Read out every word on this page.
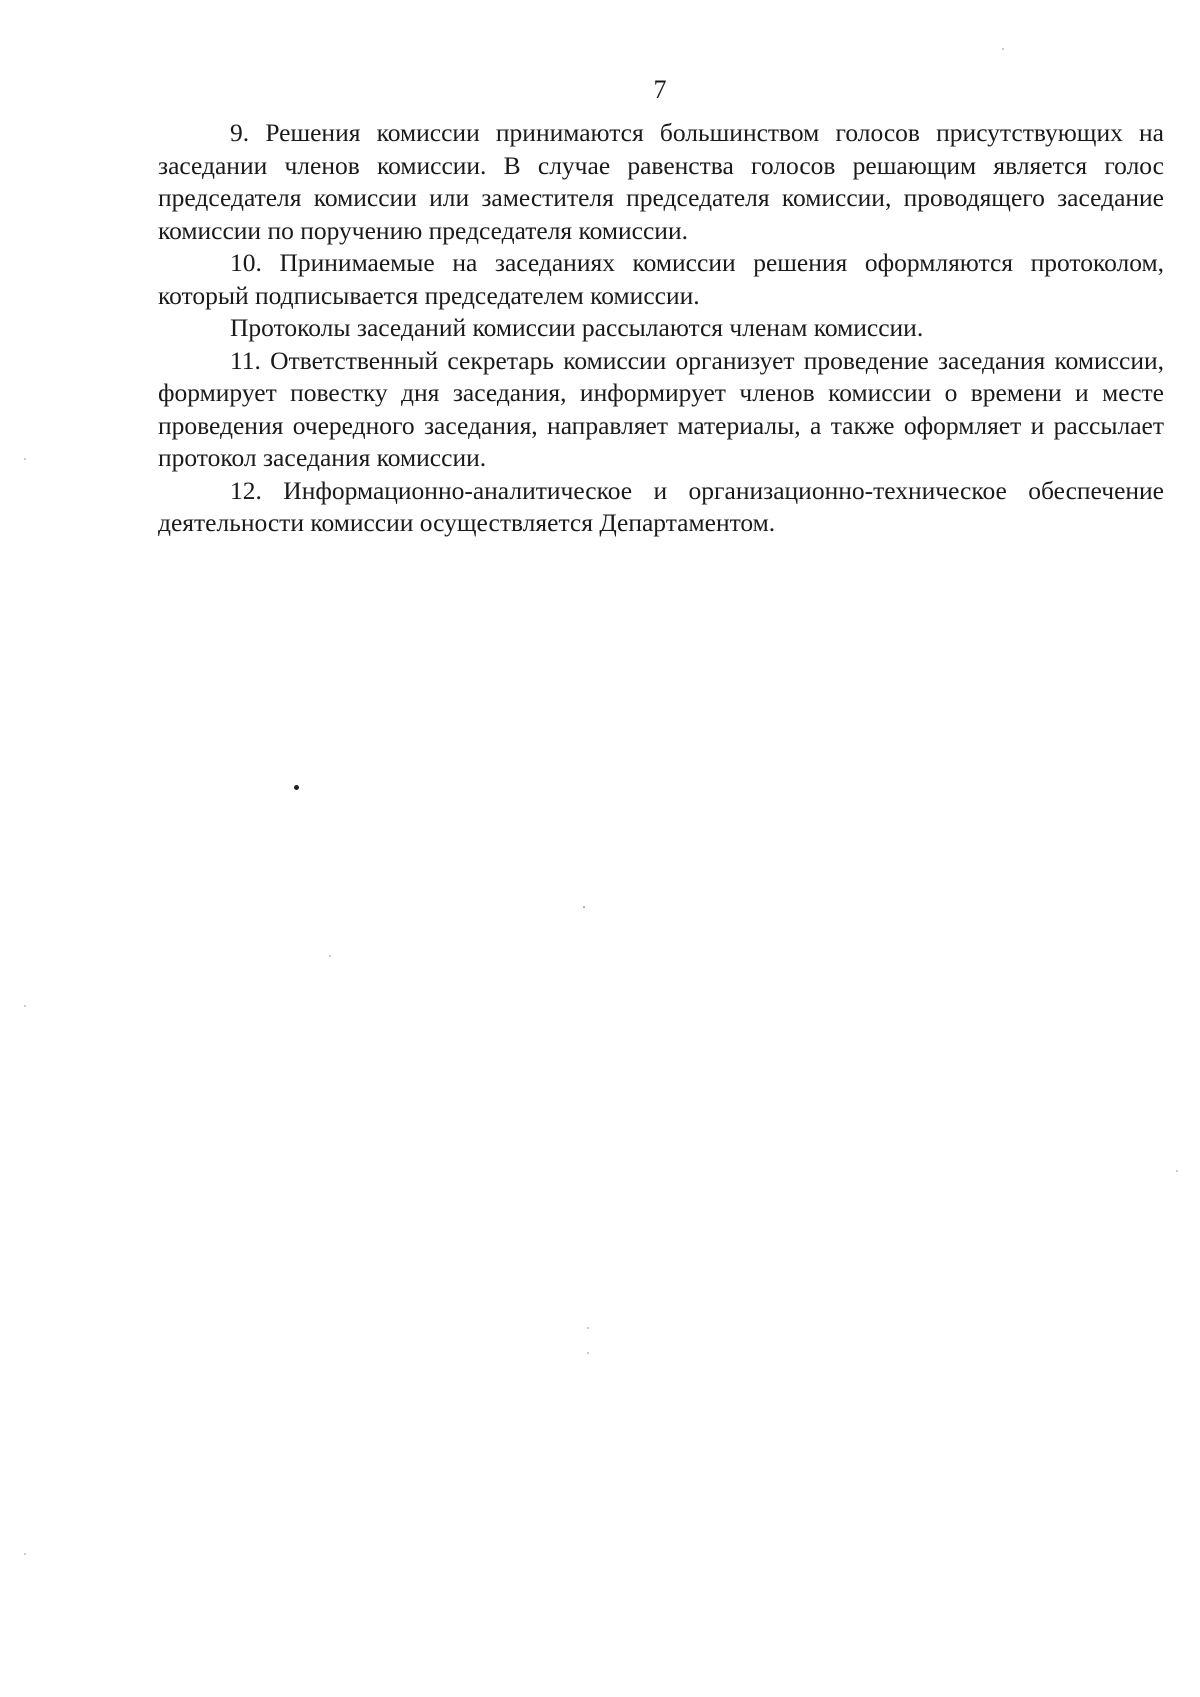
7

9. Решения комиссии принимаются большинством голосов присутствующих на заседании членов комиссии. В случае равенства голосов решающим является голос председателя комиссии или заместителя председателя комиссии, проводящего заседание комиссии по поручению председателя комиссии.

10. Принимаемые на заседаниях комиссии решения оформляются протоколом, который подписывается председателем комиссии.

Протоколы заседаний комиссии рассылаются членам комиссии.

11. Ответственный секретарь комиссии организует проведение заседания комиссии, формирует повестку дня заседания, информирует членов комиссии о времени и месте проведения очередного заседания, направляет материалы, а также оформляет и рассылает протокол заседания комиссии.

12. Информационно-аналитическое и организационно-техническое обеспечение деятельности комиссии осуществляется Департаментом.
